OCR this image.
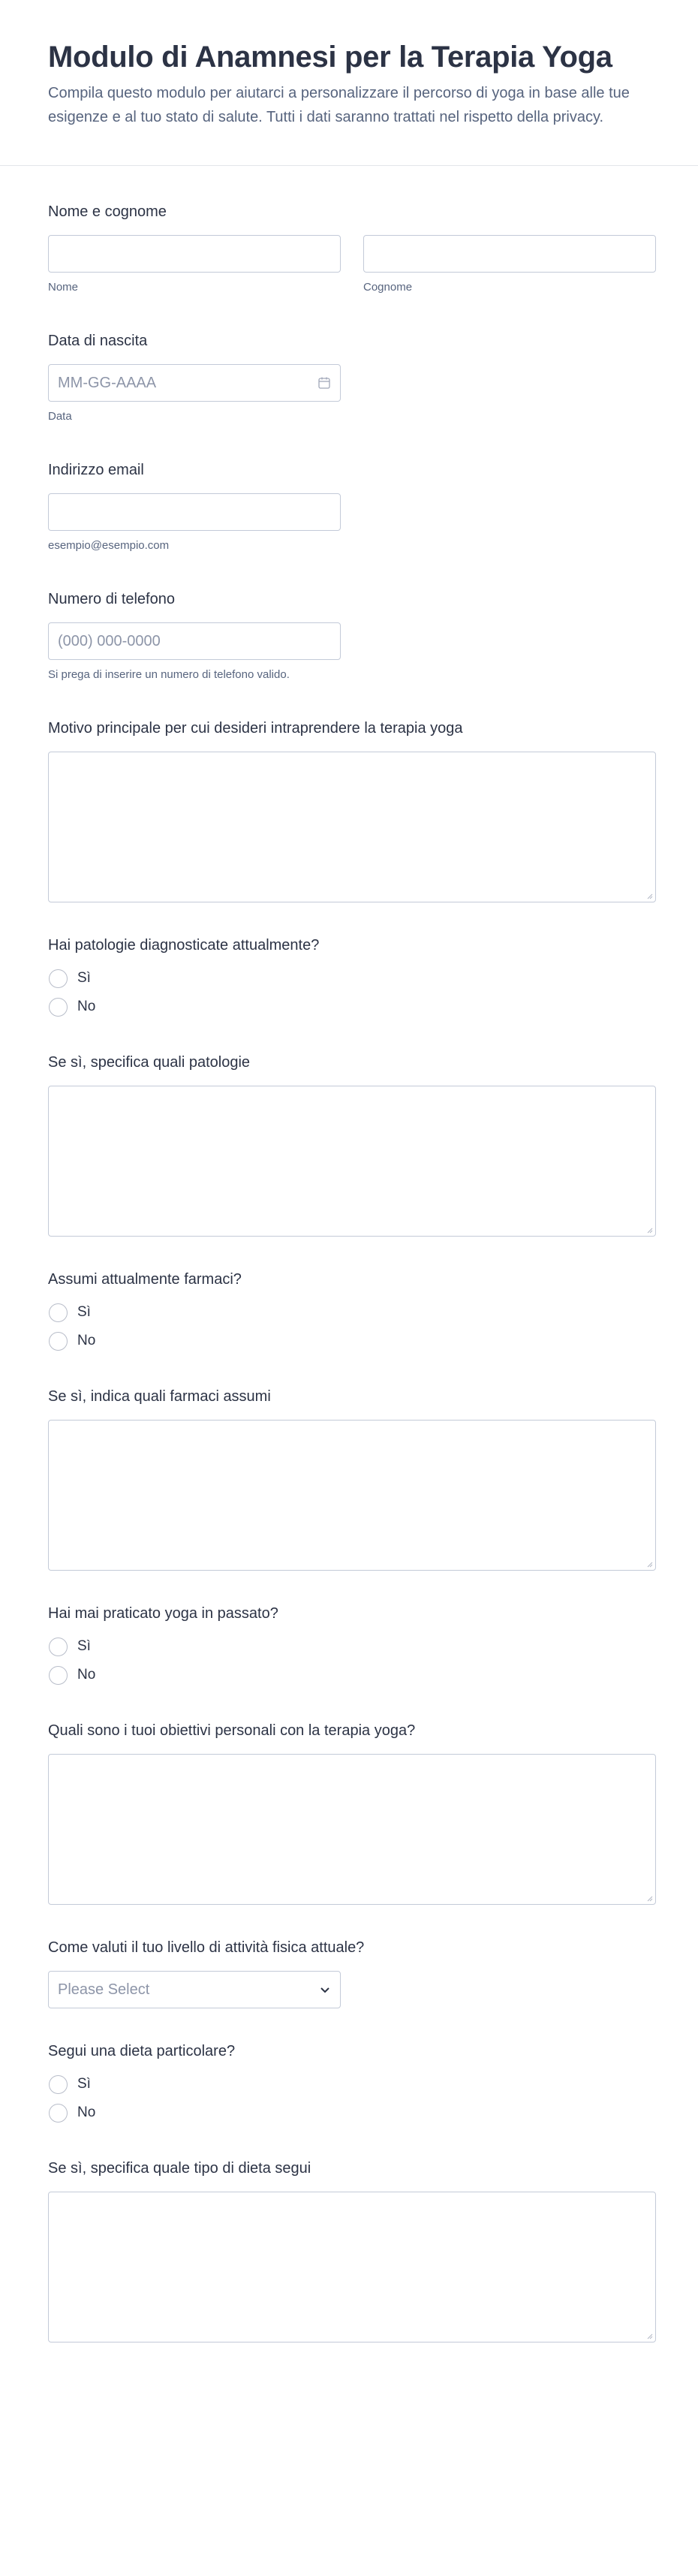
Modulo di Anamnesi per la Terapia Yoga
Compila questo modulo per aiutarci a personalizzare il percorso di yoga in base alle tue esigenze e al tuo stato di salute. Tutti i dati saranno trattati nel rispetto della privacy.
Nome e cognome
Nome	Cognome
Data di nascita
MM-GG-AAAA
Data
Indirizzo email
esempio@esempio.com
Numero di telefono
(000) 000-0000
Si prega di inserire un numero di telefono valido.
Motivo principale per cui desideri intraprendere la terapia yoga
Hai patologie diagnosticate attualmente?
Sì
No
Se sì, specifica quali patologie
Assumi attualmente farmaci?
Sì
No
Se sì, indica quali farmaci assumi
Hai mai praticato yoga in passato?
Sì
No
Quali sono i tuoi obiettivi personali con la terapia yoga?
Come valuti il tuo livello di attività fisica attuale?
Please Select
Segui una dieta particolare?
Sì
No
Se sì, specifica quale tipo di dieta segui
